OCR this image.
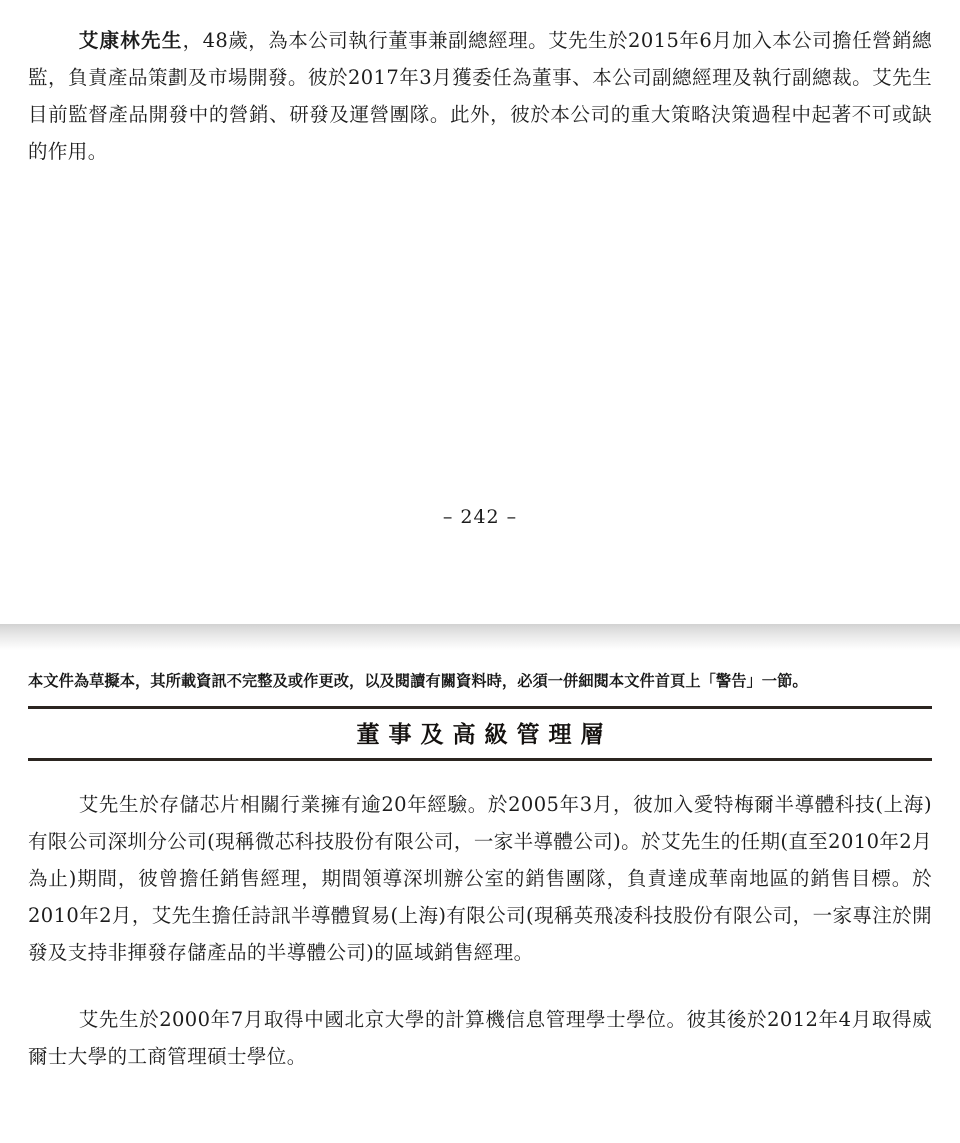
艾康林先生，48歲，為本公司執行董事兼副總經理。艾先生於2015年6月加入本公司擔任營銷總監，負責產品策劃及市場開發。彼於2017年3月獲委任為董事、本公司副總經理及執行副總裁。艾先生目前監督產品開發中的營銷、研發及運營團隊。此外，彼於本公司的重大策略決策過程中起著不可或缺的作用。

– 242 –

本文件為草擬本，其所載資訊不完整及或作更改，以及閱讀有關資料時，必須一併細閱本文件首頁上「警告」一節。

董事及高級管理層

艾先生於存儲芯片相關行業擁有逾20年經驗。於2005年3月，彼加入愛特梅爾半導體科技(上海)有限公司深圳分公司(現稱微芯科技股份有限公司，一家半導體公司)。於艾先生的任期(直至2010年2月為止)期間，彼曾擔任銷售經理，期間領導深圳辦公室的銷售團隊，負責達成華南地區的銷售目標。於2010年2月，艾先生擔任詩訊半導體貿易(上海)有限公司(現稱英飛凌科技股份有限公司，一家專注於開發及支持非揮發存儲產品的半導體公司)的區域銷售經理。

艾先生於2000年7月取得中國北京大學的計算機信息管理學士學位。彼其後於2012年4月取得威爾士大學的工商管理碩士學位。
